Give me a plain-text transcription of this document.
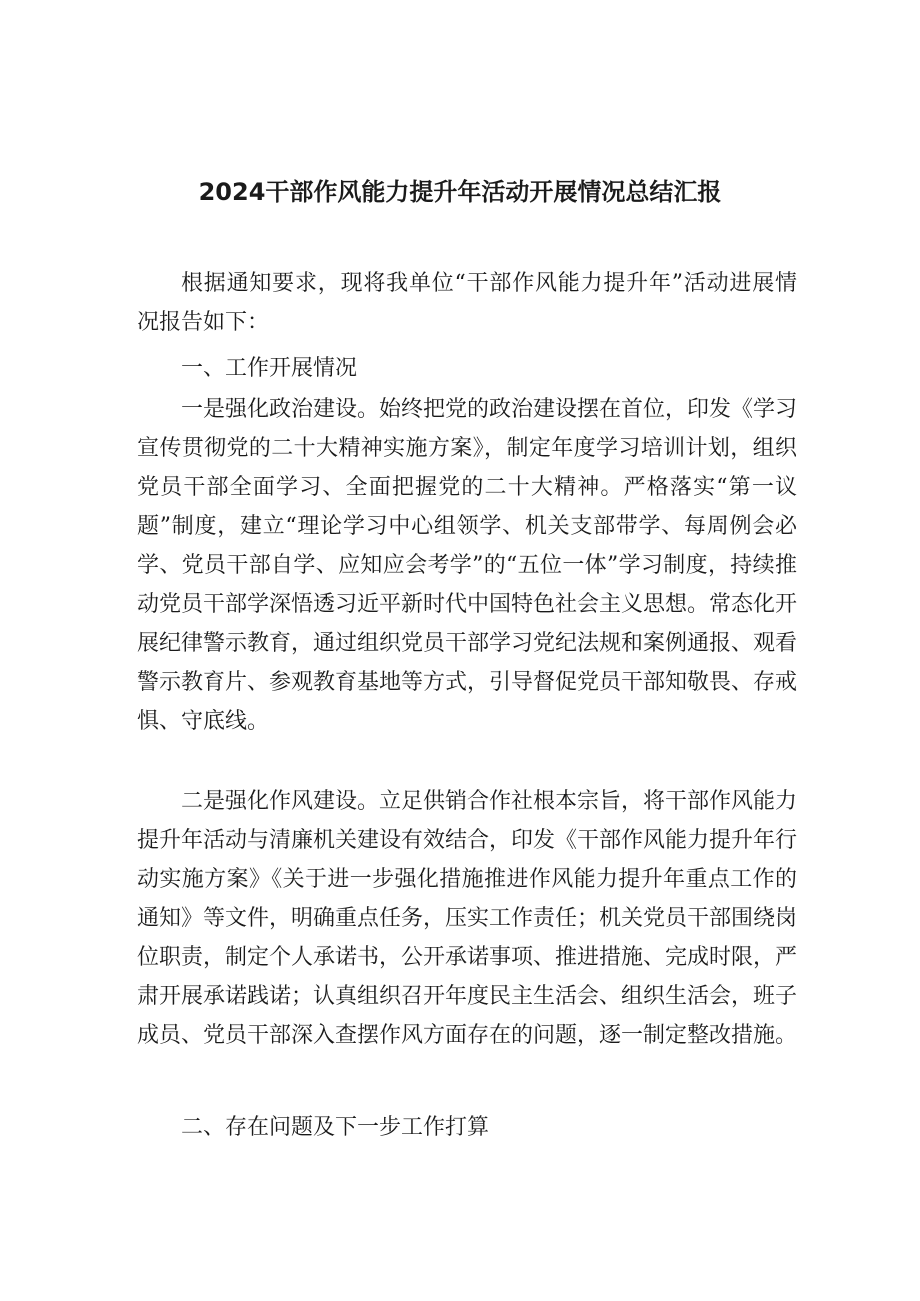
2024干部作风能力提升年活动开展情况总结汇报

根据通知要求，现将我单位“干部作风能力提升年”活动进展情况报告如下：

一、工作开展情况

一是强化政治建设。始终把党的政治建设摆在首位，印发《学习宣传贯彻党的二十大精神实施方案》，制定年度学习培训计划，组织党员干部全面学习、全面把握党的二十大精神。严格落实“第一议题”制度，建立“理论学习中心组领学、机关支部带学、每周例会必学、党员干部自学、应知应会考学”的“五位一体”学习制度，持续推动党员干部学深悟透习近平新时代中国特色社会主义思想。常态化开展纪律警示教育，通过组织党员干部学习党纪法规和案例通报、观看警示教育片、参观教育基地等方式，引导督促党员干部知敬畏、存戒惧、守底线。

二是强化作风建设。立足供销合作社根本宗旨，将干部作风能力提升年活动与清廉机关建设有效结合，印发《干部作风能力提升年行动实施方案》《关于进一步强化措施推进作风能力提升年重点工作的通知》等文件，明确重点任务，压实工作责任；机关党员干部围绕岗位职责，制定个人承诺书，公开承诺事项、推进措施、完成时限，严肃开展承诺践诺；认真组织召开年度民主生活会、组织生活会，班子成员、党员干部深入查摆作风方面存在的问题，逐一制定整改措施。

二、存在问题及下一步工作打算
